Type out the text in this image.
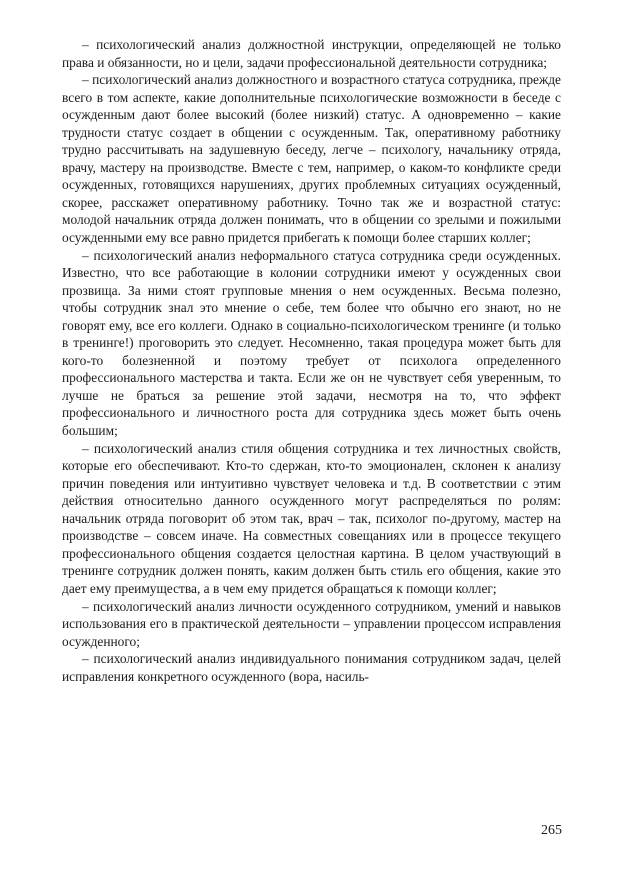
– психологический анализ должностной инструкции, определяющей не только права и обязанности, но и цели, задачи профессиональной деятельности сотрудника;

– психологический анализ должностного и возрастного статуса сотрудника, прежде всего в том аспекте, какие дополнительные психологические возможности в беседе с осужденным дают более высокий (более низкий) статус. А одновременно – какие трудности статус создает в общении с осужденным. Так, оперативному работнику трудно рассчитывать на задушевную беседу, легче – психологу, начальнику отряда, врачу, мастеру на производстве. Вместе с тем, например, о каком-то конфликте среди осужденных, готовящихся нарушениях, других проблемных ситуациях осужденный, скорее, расскажет оперативному работнику. Точно так же и возрастной статус: молодой начальник отряда должен понимать, что в общении со зрелыми и пожилыми осужденными ему все равно придется прибегать к помощи более старших коллег;

– психологический анализ неформального статуса сотрудника среди осужденных. Известно, что все работающие в колонии сотрудники имеют у осужденных свои прозвища. За ними стоят групповые мнения о нем осужденных. Весьма полезно, чтобы сотрудник знал это мнение о себе, тем более что обычно его знают, но не говорят ему, все его коллеги. Однако в социально-психологическом тренинге (и только в тренинге!) проговорить это следует. Несомненно, такая процедура может быть для кого-то болезненной и поэтому требует от психолога определенного профессионального мастерства и такта. Если же он не чувствует себя уверенным, то лучше не браться за решение этой задачи, несмотря на то, что эффект профессионального и личностного роста для сотрудника здесь может быть очень большим;

– психологический анализ стиля общения сотрудника и тех личностных свойств, которые его обеспечивают. Кто-то сдержан, кто-то эмоционален, склонен к анализу причин поведения или интуитивно чувствует человека и т.д. В соответствии с этим действия относительно данного осужденного могут распределяться по ролям: начальник отряда поговорит об этом так, врач – так, психолог по-другому, мастер на производстве – совсем иначе. На совместных совещаниях или в процессе текущего профессионального общения создается целостная картина. В целом участвующий в тренинге сотрудник должен понять, каким должен быть стиль его общения, какие это дает ему преимущества, а в чем ему придется обращаться к помощи коллег;

– психологический анализ личности осужденного сотрудником, умений и навыков использования его в практической деятельности – управлении процессом исправления осужденного;

– психологический анализ индивидуального понимания сотрудником задач, целей исправления конкретного осужденного (вора, насиль-

265
